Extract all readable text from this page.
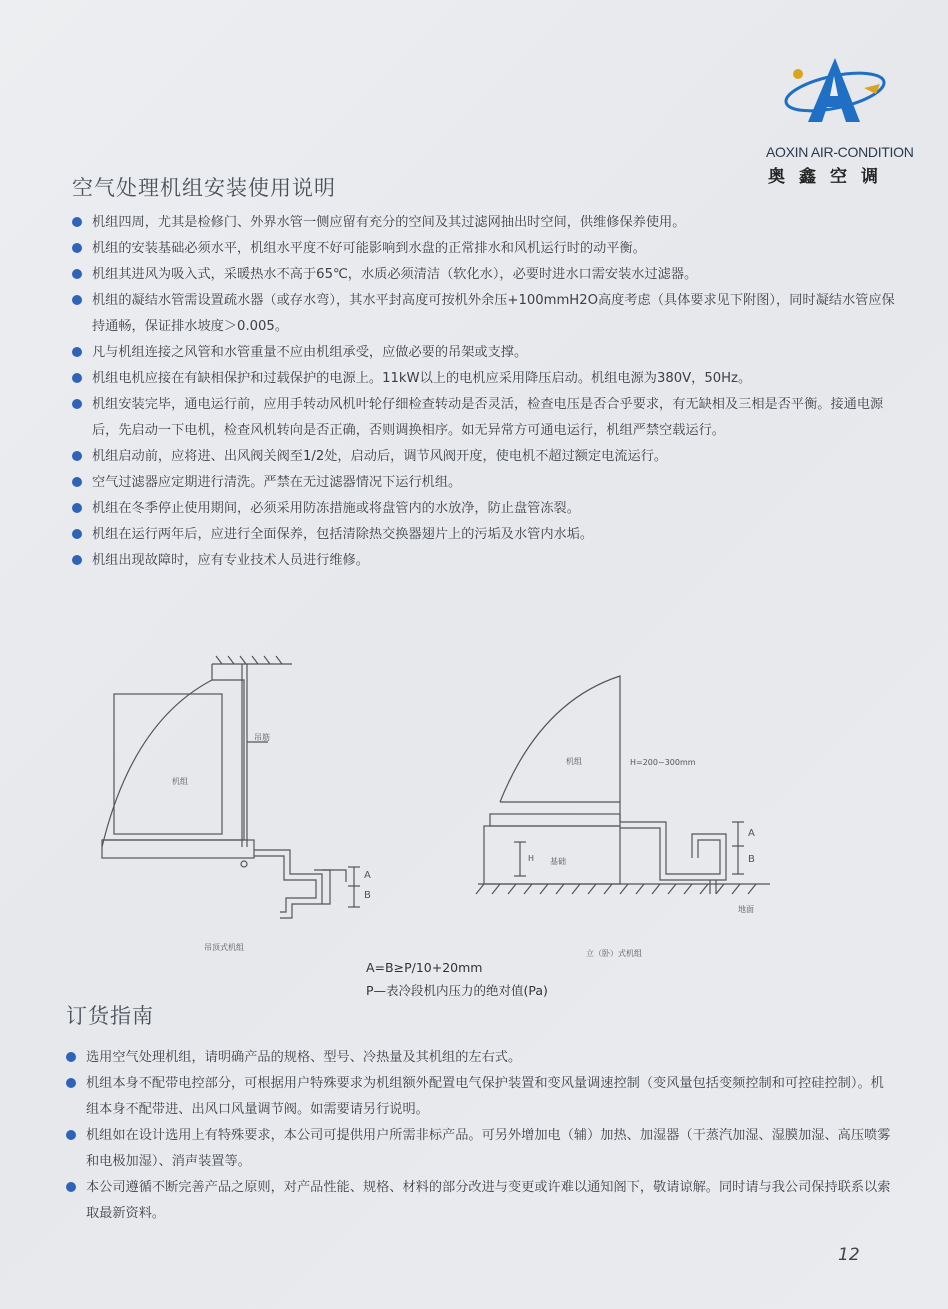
AOXIN AIR-CONDITION
奥鑫空调
空气处理机组安装使用说明
机组四周，尤其是检修门、外界水管一侧应留有充分的空间及其过滤网抽出时空间，供维修保养使用。
机组的安装基础必须水平，机组水平度不好可能影响到水盘的正常排水和风机运行时的动平衡。
机组其进风为吸入式，采暖热水不高于65℃，水质必须清洁（软化水），必要时进水口需安装水过滤器。
机组的凝结水管需设置疏水器（或存水弯），其水平封高度可按机外余压+100mmH2O高度考虑（具体要求见下附图），同时凝结水管应保持通畅，保证排水坡度＞0.005。
凡与机组连接之风管和水管重量不应由机组承受，应做必要的吊架或支撑。
机组电机应接在有缺相保护和过载保护的电源上。11kW以上的电机应采用降压启动。机组电源为380V，50Hz。
机组安装完毕，通电运行前，应用手转动风机叶轮仔细检查转动是否灵活，检查电压是否合乎要求，有无缺相及三相是否平衡。接通电源后，先启动一下电机，检查风机转向是否正确，否则调换相序。如无异常方可通电运行，机组严禁空载运行。
机组启动前，应将进、出风阀关阀至1/2处，启动后，调节风阀开度，使电机不超过额定电流运行。
空气过滤器应定期进行清洗。严禁在无过滤器情况下运行机组。
机组在冬季停止使用期间，必须采用防冻措施或将盘管内的水放净，防止盘管冻裂。
机组在运行两年后，应进行全面保养，包括清除热交换器翅片上的污垢及水管内水垢。
机组出现故障时，应有专业技术人员进行维修。
机组
吊筋
A
B
吊顶式机组
机组	H=200~300mm
H 基础
A
B
地面
立（卧）式机组
A=B≥P/10+20mm
P—表冷段机内压力的绝对值(Pa)
订货指南
选用空气处理机组，请明确产品的规格、型号、冷热量及其机组的左右式。
机组本身不配带电控部分，可根据用户特殊要求为机组额外配置电气保护装置和变风量调速控制（变风量包括变频控制和可控硅控制）。机组本身不配带进、出风口风量调节阀。如需要请另行说明。
机组如在设计选用上有特殊要求，本公司可提供用户所需非标产品。可另外增加电（辅）加热、加湿器（干蒸汽加湿、湿膜加湿、高压喷雾和电极加湿）、消声装置等。
本公司遵循不断完善产品之原则，对产品性能、规格、材料的部分改进与变更或许难以通知阁下，敬请谅解。同时请与我公司保持联系以索取最新资料。
12
